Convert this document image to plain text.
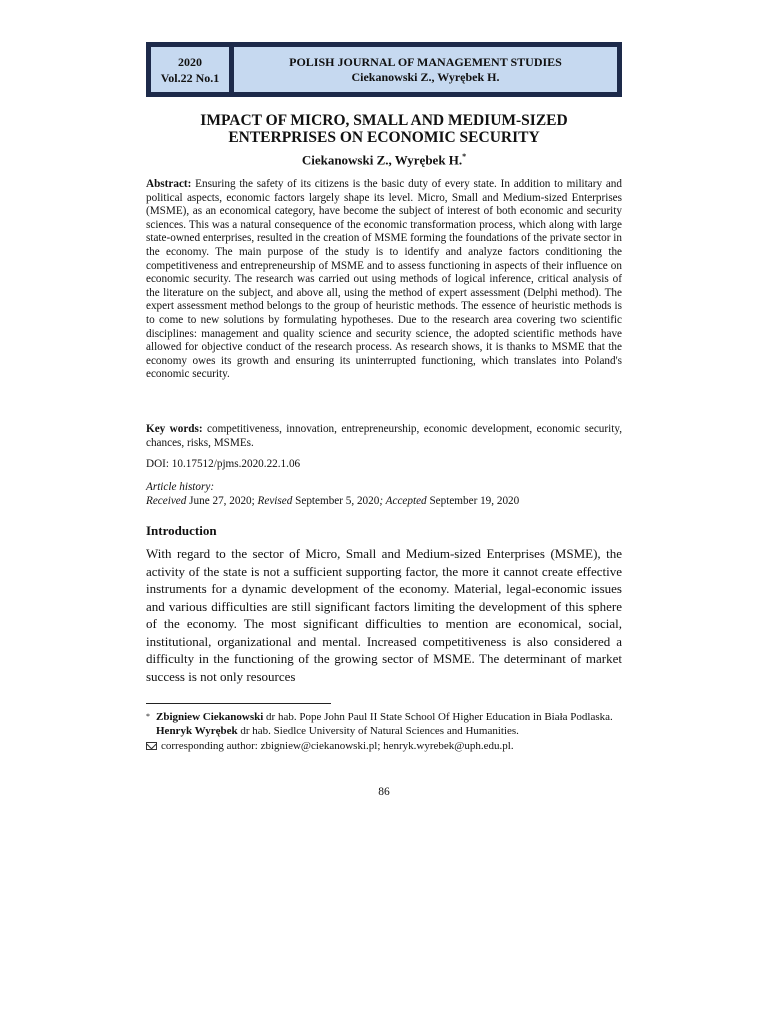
2020
Vol.22 No.1
POLISH JOURNAL OF MANAGEMENT STUDIES
Ciekanowski Z., Wyrębek H.
IMPACT OF MICRO, SMALL AND MEDIUM-SIZED
ENTERPRISES ON ECONOMIC SECURITY
Ciekanowski Z., Wyrębek H.*
Abstract: Ensuring the safety of its citizens is the basic duty of every state. In addition to military and political aspects, economic factors largely shape its level. Micro, Small and Medium-sized Enterprises (MSME), as an economical category, have become the subject of interest of both economic and security sciences. This was a natural consequence of the economic transformation process, which along with large state-owned enterprises, resulted in the creation of MSME forming the foundations of the private sector in the economy. The main purpose of the study is to identify and analyze factors conditioning the competitiveness and entrepreneurship of MSME and to assess functioning in aspects of their influence on economic security. The research was carried out using methods of logical inference, critical analysis of the literature on the subject, and above all, using the method of expert assessment (Delphi method). The expert assessment method belongs to the group of heuristic methods. The essence of heuristic methods is to come to new solutions by formulating hypotheses. Due to the research area covering two scientific disciplines: management and quality science and security science, the adopted scientific methods have allowed for objective conduct of the research process. As research shows, it is thanks to MSME that the economy owes its growth and ensuring its uninterrupted functioning, which translates into Poland's economic security.
Key words: competitiveness, innovation, entrepreneurship, economic development, economic security, chances, risks, MSMEs.
DOI: 10.17512/pjms.2020.22.1.06
Article history:
Received June 27, 2020; Revised September 5, 2020; Accepted September 19, 2020
Introduction
With regard to the sector of Micro, Small and Medium-sized Enterprises (MSME), the activity of the state is not a sufficient supporting factor, the more it cannot create effective instruments for a dynamic development of the economy. Material, legal-economic issues and various difficulties are still significant factors limiting the development of this sphere of the economy. The most significant difficulties to mention are economical, social, institutional, organizational and mental. Increased competitiveness is also considered a difficulty in the functioning of the growing sector of MSME. The determinant of market success is not only resources
* Zbigniew Ciekanowski dr hab. Pope John Paul II State School Of Higher Education in Biała Podlaska. Henryk Wyrębek dr hab. Siedlce University of Natural Sciences and Humanities.
corresponding author: zbigniew@ciekanowski.pl; henryk.wyrebek@uph.edu.pl.
86
